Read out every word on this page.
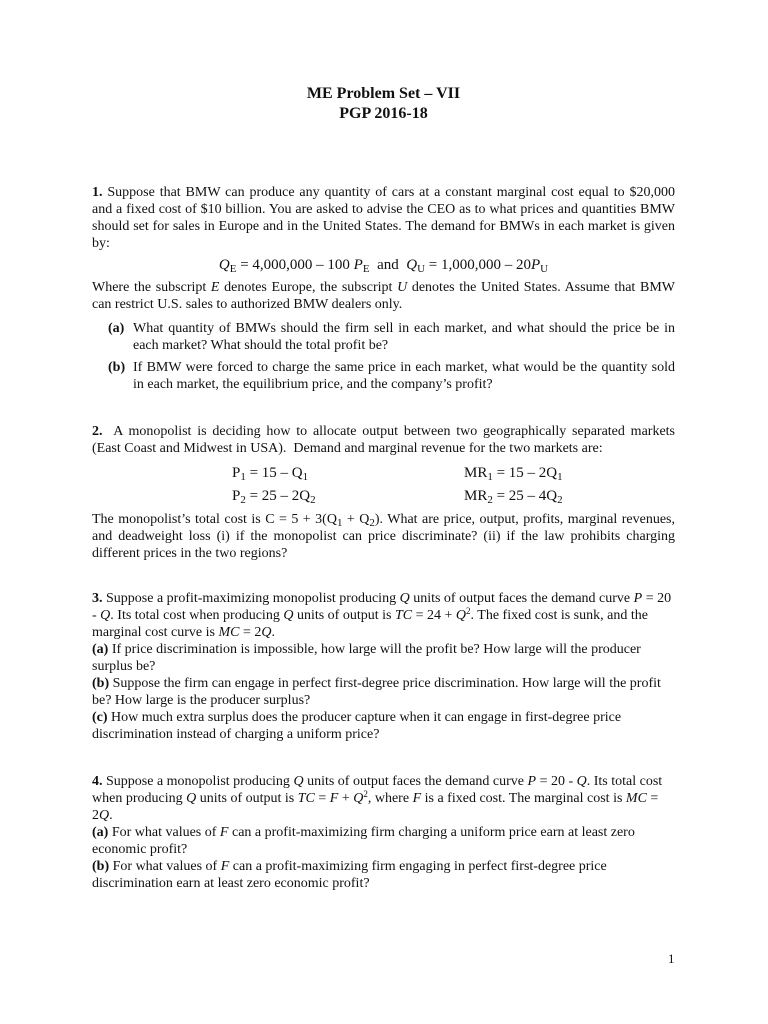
ME Problem Set – VII
PGP 2016-18
1. Suppose that BMW can produce any quantity of cars at a constant marginal cost equal to $20,000 and a fixed cost of $10 billion. You are asked to advise the CEO as to what prices and quantities BMW should set for sales in Europe and in the United States. The demand for BMWs in each market is given by:
$Q_E = 4,000,000 - 100$ $P_E$  and  $Q_U = 1,000,000 - 20P_U$
Where the subscript E denotes Europe, the subscript U denotes the United States. Assume that BMW can restrict U.S. sales to authorized BMW dealers only.
(a) What quantity of BMWs should the firm sell in each market, and what should the price be in each market? What should the total profit be?
(b) If BMW were forced to charge the same price in each market, what would be the quantity sold in each market, the equilibrium price, and the company’s profit?
2.  A monopolist is deciding how to allocate output between two geographically separated markets (East Coast and Midwest in USA).  Demand and marginal revenue for the two markets are:
$P_1 = 15 - Q_1$	$MR_1 = 15 - 2Q_1$
$P_2 = 25 - 2Q_2$	$MR_2 = 25 - 4Q_2$
The monopolist’s total cost is $C = 5 + 3(Q_1 + Q_2)$. What are price, output, profits, marginal revenues, and deadweight loss (i) if the monopolist can price discriminate? (ii) if the law prohibits charging different prices in the two regions?
3. Suppose a profit-maximizing monopolist producing Q units of output faces the demand curve P = 20 - Q. Its total cost when producing Q units of output is TC = $24 + Q^2$. The fixed cost is sunk, and the marginal cost curve is MC = 2Q.
(a) If price discrimination is impossible, how large will the profit be? How large will the producer surplus be?
(b) Suppose the firm can engage in perfect first-degree price discrimination. How large will the profit be? How large is the producer surplus?
(c) How much extra surplus does the producer capture when it can engage in first-degree price discrimination instead of charging a uniform price?
4. Suppose a monopolist producing Q units of output faces the demand curve P = 20 - Q. Its total cost when producing Q units of output is TC = $F + Q^2$, where F is a fixed cost. The marginal cost is MC = 2Q.
(a) For what values of F can a profit-maximizing firm charging a uniform price earn at least zero economic profit?
(b) For what values of F can a profit-maximizing firm engaging in perfect first-degree price discrimination earn at least zero economic profit?
1
